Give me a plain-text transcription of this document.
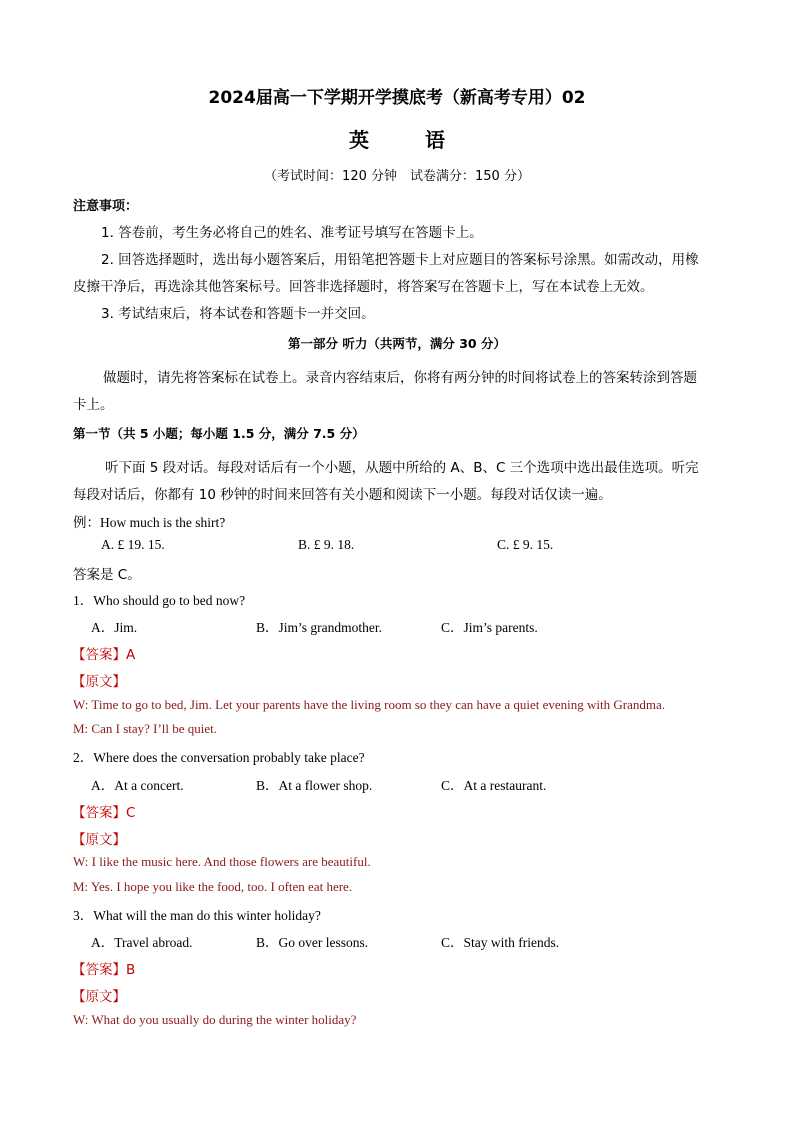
2024届高一下学期开学摸底考（新高考专用）02
英	语
（考试时间：120 分钟　试卷满分：150 分）
注意事项：
1. 答卷前，考生务必将自己的姓名、准考证号填写在答题卡上。
2. 回答选择题时，选出每小题答案后，用铅笔把答题卡上对应题目的答案标号涂黑。如需改动，用橡
皮擦干净后，再选涂其他答案标号。回答非选择题时，将答案写在答题卡上，写在本试卷上无效。
3. 考试结束后，将本试卷和答题卡一并交回。
第一部分 听力（共两节，满分 30 分）
做题时，请先将答案标在试卷上。录音内容结束后，你将有两分钟的时间将试卷上的答案转涂到答题
卡上。
第一节（共 5 小题；每小题 1.5 分，满分 7.5 分）
听下面 5 段对话。每段对话后有一个小题，从题中所给的 A、B、C 三个选项中选出最佳选项。听完
每段对话后，你都有 10 秒钟的时间来回答有关小题和阅读下一小题。每段对话仅读一遍。
例：How much is the shirt?
A. £ 19. 15.	B. £ 9. 18.	C. £ 9. 15.
答案是 C。
1．Who should go to bed now?
A．Jim.	B．Jim’s grandmother.	C．Jim’s parents.
【答案】A
【原文】
W: Time to go to bed, Jim. Let your parents have the living room so they can have a quiet evening with Grandma.
M: Can I stay? I’ll be quiet.
2．Where does the conversation probably take place?
A．At a concert.	B．At a flower shop.	C．At a restaurant.
【答案】C
【原文】
W: I like the music here. And those flowers are beautiful.
M: Yes. I hope you like the food, too. I often eat here.
3．What will the man do this winter holiday?
A．Travel abroad.	B．Go over lessons.	C．Stay with friends.
【答案】B
【原文】
W: What do you usually do during the winter holiday?
